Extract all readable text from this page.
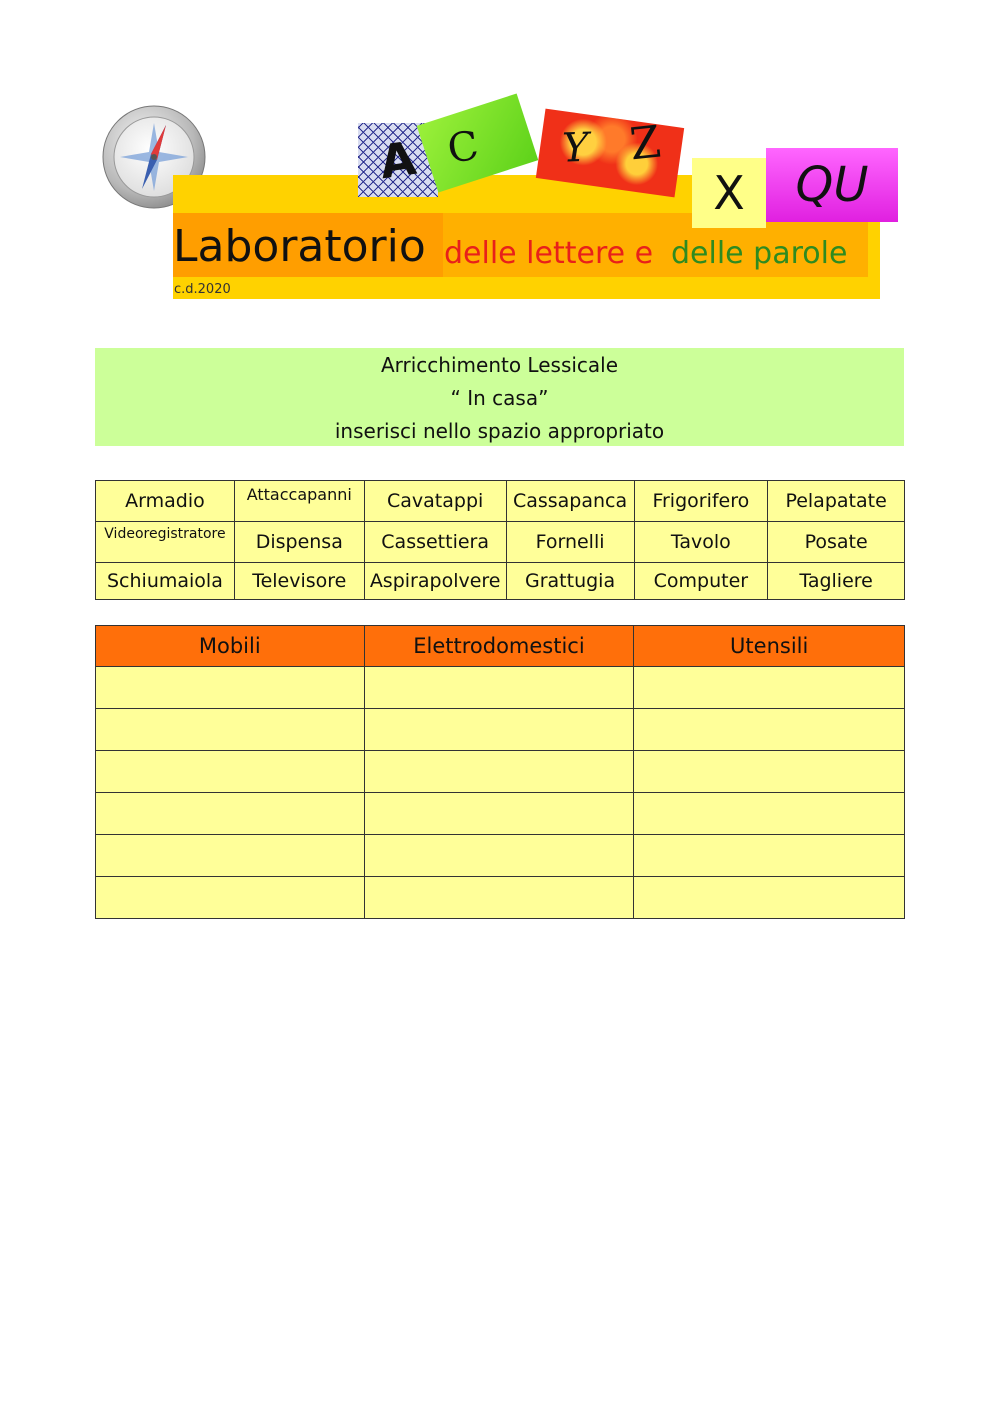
A C Y Z
X QU
Laboratorio delle lettere e delle parole
c.d.2020
Arricchimento Lessicale
“ In casa”
inserisci nello spazio appropriato
Armadio	Attaccapanni	Cavatappi	Cassapanca	Frigorifero	Pelapatate
Videoregistratore	Dispensa	Cassettiera	Fornelli	Tavolo	Posate
Schiumaiola	Televisore	Aspirapolvere	Grattugia	Computer	Tagliere
Mobili	Elettrodomestici	Utensili
